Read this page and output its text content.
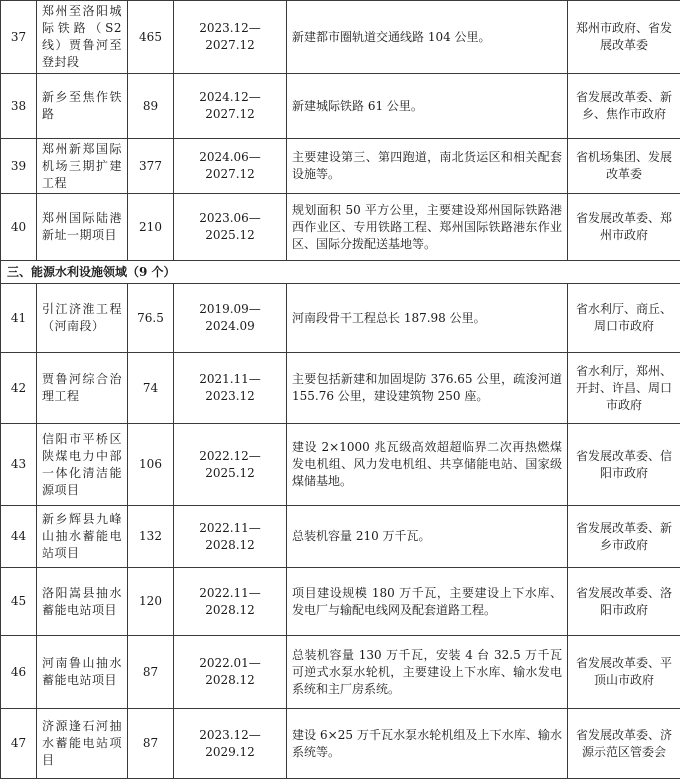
37	郑州至洛阳城际铁路（S2线）贾鲁河至登封段	465	2023.12—2027.12	新建都市圈轨道交通线路 104 公里。	郑州市政府、省发展改革委
38	新乡至焦作铁路	89	2024.12—2027.12	新建城际铁路 61 公里。	省发展改革委、新乡、焦作市政府
39	郑州新郑国际机场三期扩建工程	377	2024.06—2027.12	主要建设第三、第四跑道，南北货运区和相关配套设施等。	省机场集团、发展改革委
40	郑州国际陆港新址一期项目	210	2023.06—2025.12	规划面积 50 平方公里，主要建设郑州国际铁路港西作业区、专用铁路工程、郑州国际铁路港东作业区、国际分拨配送基地等。	省发展改革委、郑州市政府
三、能源水利设施领域（9 个）					
41	引江济淮工程（河南段）	76.5	2019.09—2024.09	河南段骨干工程总长 187.98 公里。	省水利厅、商丘、周口市政府
42	贾鲁河综合治理工程	74	2021.11—2023.12	主要包括新建和加固堤防 376.65 公里，疏浚河道 155.76 公里，建设建筑物 250 座。	省水利厅，郑州、开封、许昌、周口市政府
43	信阳市平桥区陕煤电力中部一体化清洁能源项目	106	2022.12—2025.12	建设 2×1000 兆瓦级高效超超临界二次再热燃煤发电机组、风力发电机组、共享储能电站、国家级煤储基地。	省发展改革委、信阳市政府
44	新乡辉县九峰山抽水蓄能电站项目	132	2022.11—2028.12	总装机容量 210 万千瓦。	省发展改革委、新乡市政府
45	洛阳嵩县抽水蓄能电站项目	120	2022.11—2028.12	项目建设规模 180 万千瓦，主要建设上下水库、发电厂与输配电线网及配套道路工程。	省发展改革委、洛阳市政府
46	河南鲁山抽水蓄能电站项目	87	2022.01—2028.12	总装机容量 130 万千瓦，安装 4 台 32.5 万千瓦可逆式水泵水轮机，主要建设上下水库、输水发电系统和主厂房系统。	省发展改革委、平顶山市政府
47	济源逢石河抽水蓄能电站项目	87	2023.12—2029.12	建设 6×25 万千瓦水泵水轮机组及上下水库、输水系统等。	省发展改革委、济源示范区管委会
